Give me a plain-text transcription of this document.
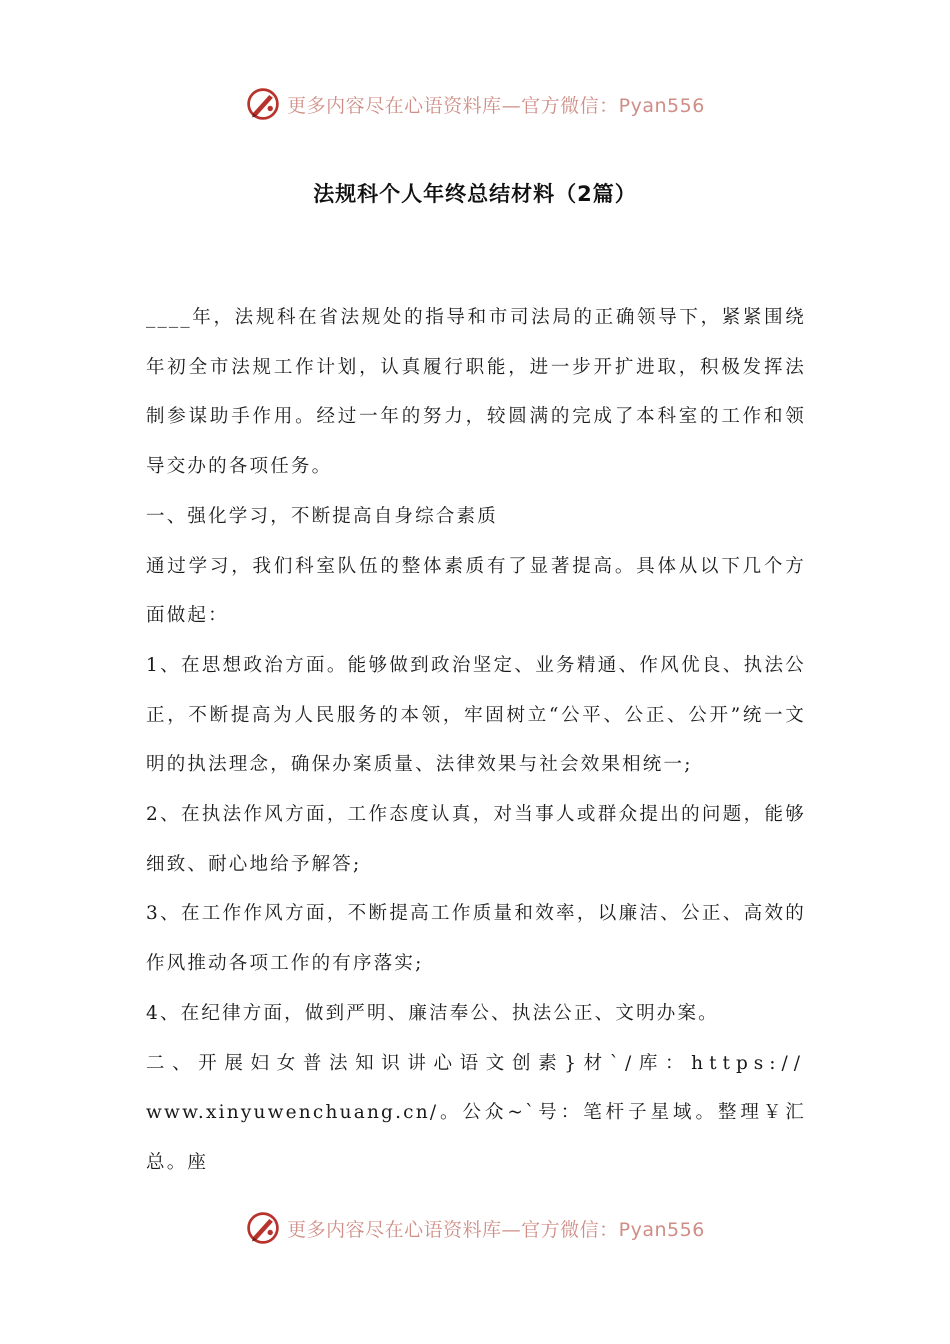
更多内容尽在心语资料库—官方微信：Pyan556
法规科个人年终总结材料（2篇）

____年，法规科在省法规处的指导和市司法局的正确领导下，紧紧围绕年初全市法规工作计划，认真履行职能，进一步开扩进取，积极发挥法制参谋助手作用。经过一年的努力，较圆满的完成了本科室的工作和领导交办的各项任务。

一、强化学习，不断提高自身综合素质

通过学习，我们科室队伍的整体素质有了显著提高。具体从以下几个方面做起：

1、在思想政治方面。能够做到政治坚定、业务精通、作风优良、执法公正，不断提高为人民服务的本领，牢固树立“公平、公正、公开”统一文明的执法理念，确保办案质量、法律效果与社会效果相统一;

2、在执法作风方面，工作态度认真，对当事人或群众提出的问题，能够细致、耐心地给予解答;

3、在工作作风方面，不断提高工作质量和效率，以廉洁、公正、高效的作风推动各项工作的有序落实;

4、在纪律方面，做到严明、廉洁奉公、执法公正、文明办案。

二、开展妇女普法知识讲心语文创素}材`/库：https://

www.xinyuwenchuang.cn/。公众~`号：笔杆子星域。整理￥汇总。座

更多内容尽在心语资料库—官方微信：Pyan556
